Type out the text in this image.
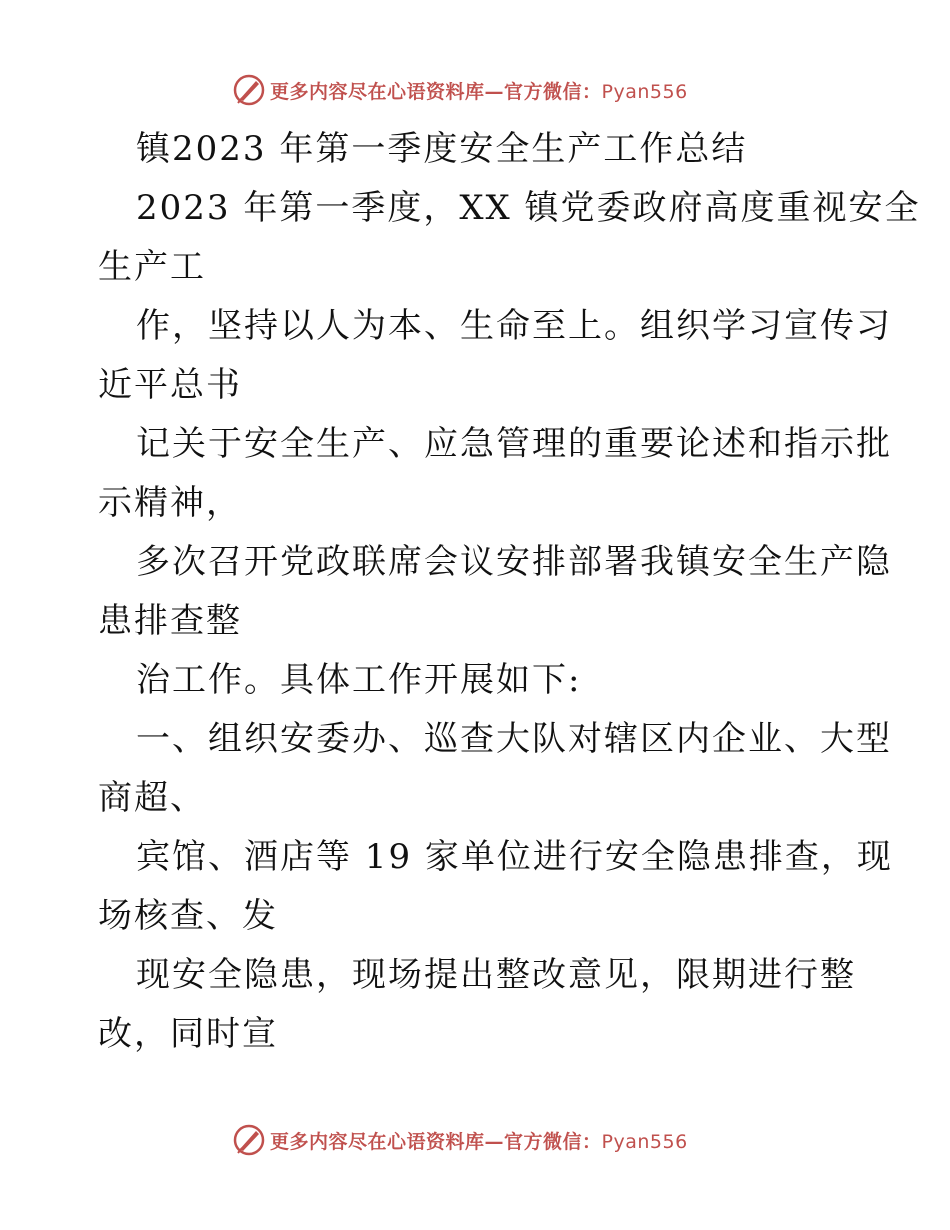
更多内容尽在心语资料库—官方微信：Pyan556
镇2023 年第一季度安全生产工作总结
2023 年第一季度，XX 镇党委政府高度重视安全
生产工
作，坚持以人为本、生命至上。组织学习宣传习
近平总书
记关于安全生产、应急管理的重要论述和指示批
示精神，
多次召开党政联席会议安排部署我镇安全生产隐
患排查整
治工作。具体工作开展如下:
一、组织安委办、巡查大队对辖区内企业、大型
商超、
宾馆、酒店等 19 家单位进行安全隐患排查，现
场核查、发
现安全隐患，现场提出整改意见，限期进行整
改，同时宣
更多内容尽在心语资料库—官方微信：Pyan556
